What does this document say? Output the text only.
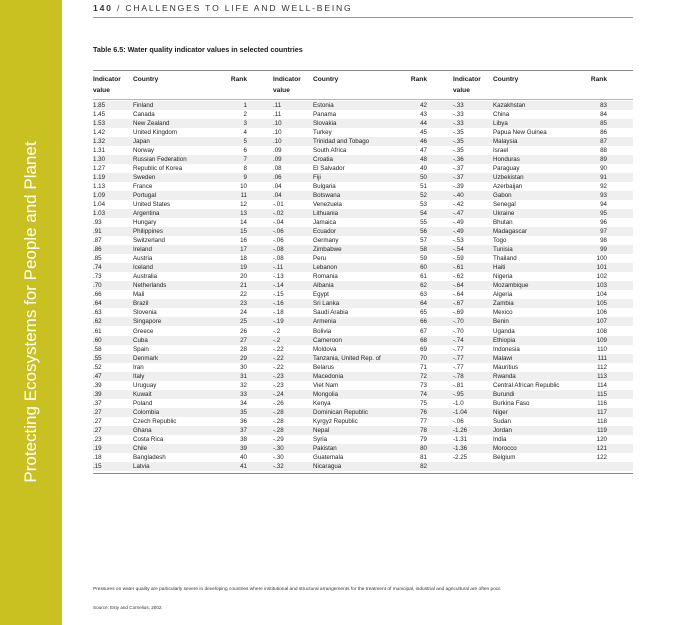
Protecting Ecosystems for People and Planet
140 / CHALLENGES TO LIFE AND WELL-BEING
Table 6.5: Water quality indicator values in selected countries
Indicator value
Country	Rank
1.85	Finland	1
1.45	Canada	2
1.53	New Zealand	3
1.42	United Kingdom	4
1.32	Japan	5
1.31	Norway	6
1.30	Russian Federation	7
1.27	Republic of Korea	8
1.19	Sweden	9
1.13	France	10
1.09	Portugal	11
1.04	United States	12
1.03	Argentina	13
.93	Hungary	14
.91	Philippines	15
.87	Switzerland	16
.86	Ireland	17
.85	Austria	18
.74	Iceland	19
.73	Australia	20
.70	Netherlands	21
.66	Mali	22
.64	Brazil	23
.63	Slovenia	24
.62	Singapore	25
.61	Greece	26
.60	Cuba	27
.58	Spain	28
.55	Denmark	29
.52	Iran	30
.47	Italy	31
.39	Uruguay	32
.39	Kuwait	33
.37	Poland	34
.27	Colombia	35
.27	Czech Republic	36
.27	Ghana	37
.23	Costa Rica	38
.19	Chile	39
.18	Bangladesh	40
.15	Latvia	41
Indicator value
Country	Rank
.11	Estonia	42
.11	Panama	43
.10	Slovakia	44
.10	Turkey	45
.10	Trinidad and Tobago	46
.09	South Africa	47
.09	Croatia	48
.08	El Salvador	49
.06	Fiji	50
.04	Bulgaria	51
.04	Botswana	52
-.01	Venezuela	53
-.02	Lithuania	54
-.04	Jamaica	55
-.06	Ecuador	56
-.06	Germany	57
-.08	Zimbabwe	58
-.08	Peru	59
-.11	Lebanon	60
-.13	Romania	61
-.14	Albania	62
-.15	Egypt	63
-.16	Sri Lanka	64
-.18	Saudi Arabia	65
-.19	Armenia	66
-.2	Bolivia	67
-.2	Cameroon	68
-.22	Moldova	69
-.22	Tanzania, United Rep. of	70
-.22	Belarus	71
-.23	Macedonia	72
-.23	Viet Nam	73
-.24	Mongolia	74
-.26	Kenya	75
-.28	Dominican Republic	76
-.28	Kyrgyz Republic	77
-.28	Nepal	78
-.29	Syria	79
-.30	Pakistan	80
-.30	Guatemala	81
-.32	Nicaragua	82
Indicator value
Country	Rank
-.33	Kazakhstan	83
-.33	China	84
-.33	Libya	85
-.35	Papua New Guinea	86
-.35	Malaysia	87
-.35	Israel	88
-.36	Honduras	89
-.37	Paraguay	90
-.37	Uzbekistan	91
-.39	Azerbaijan	92
-.40	Gabon	93
-.42	Senegal	94
-.47	Ukraine	95
-.49	Bhutan	96
-.49	Madagascar	97
-.53	Togo	98
-.54	Tunisia	99
-.59	Thailand	100
-.61	Haiti	101
-.62	Nigeria	102
-.64	Mozambique	103
-.64	Algeria	104
-.67	Zambia	105
-.69	Mexico	106
-.70	Benin	107
-.70	Uganda	108
-.74	Ethiopia	109
-.77	Indonesia	110
-.77	Malawi	111
-.77	Mauritius	112
-.78	Rwanda	113
-.81	Central African Republic	114
-.95	Burundi	115
-1.0	Burkina Faso	116
-1.04	Niger	117
-.06	Sudan	118
-1.26	Jordan	119
-1.31	India	120
-1.36	Morocco	121
-2.25	Belgium	122
Pressures on water quality are particularly severe in developing countries where institutional and structural arrangements for the treatment of municipal, industrial and agricultural are often poor.
Source: Esty and Cornelius, 2002.
